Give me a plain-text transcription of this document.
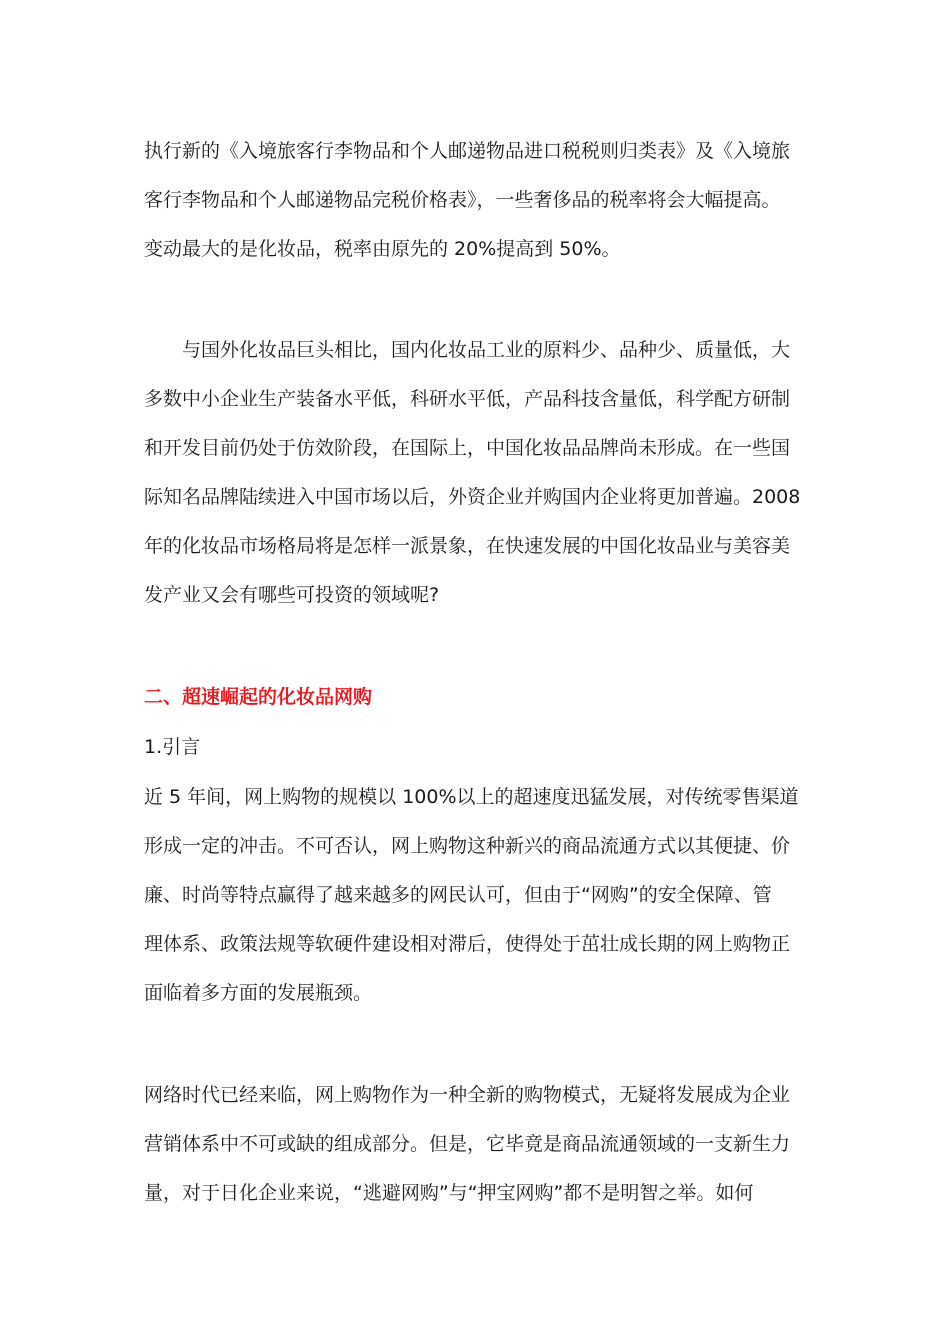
执行新的《入境旅客行李物品和个人邮递物品进口税税则归类表》及《入境旅
客行李物品和个人邮递物品完税价格表》，一些奢侈品的税率将会大幅提高。
变动最大的是化妆品，税率由原先的 20%提高到 50%。
与国外化妆品巨头相比，国内化妆品工业的原料少、品种少、质量低，大
多数中小企业生产装备水平低，科研水平低，产品科技含量低，科学配方研制
和开发目前仍处于仿效阶段，在国际上，中国化妆品品牌尚未形成。在一些国
际知名品牌陆续进入中国市场以后，外资企业并购国内企业将更加普遍。2008
年的化妆品市场格局将是怎样一派景象，在快速发展的中国化妆品业与美容美
发产业又会有哪些可投资的领域呢?
二、超速崛起的化妆品网购
1.引言
近 5 年间，网上购物的规模以 100%以上的超速度迅猛发展，对传统零售渠道
形成一定的冲击。不可否认，网上购物这种新兴的商品流通方式以其便捷、价
廉、时尚等特点赢得了越来越多的网民认可，但由于“网购”的安全保障、管
理体系、政策法规等软硬件建设相对滞后，使得处于茁壮成长期的网上购物正
面临着多方面的发展瓶颈。
网络时代已经来临，网上购物作为一种全新的购物模式，无疑将发展成为企业
营销体系中不可或缺的组成部分。但是，它毕竟是商品流通领域的一支新生力
量，对于日化企业来说，“逃避网购”与“押宝网购”都不是明智之举。如何
